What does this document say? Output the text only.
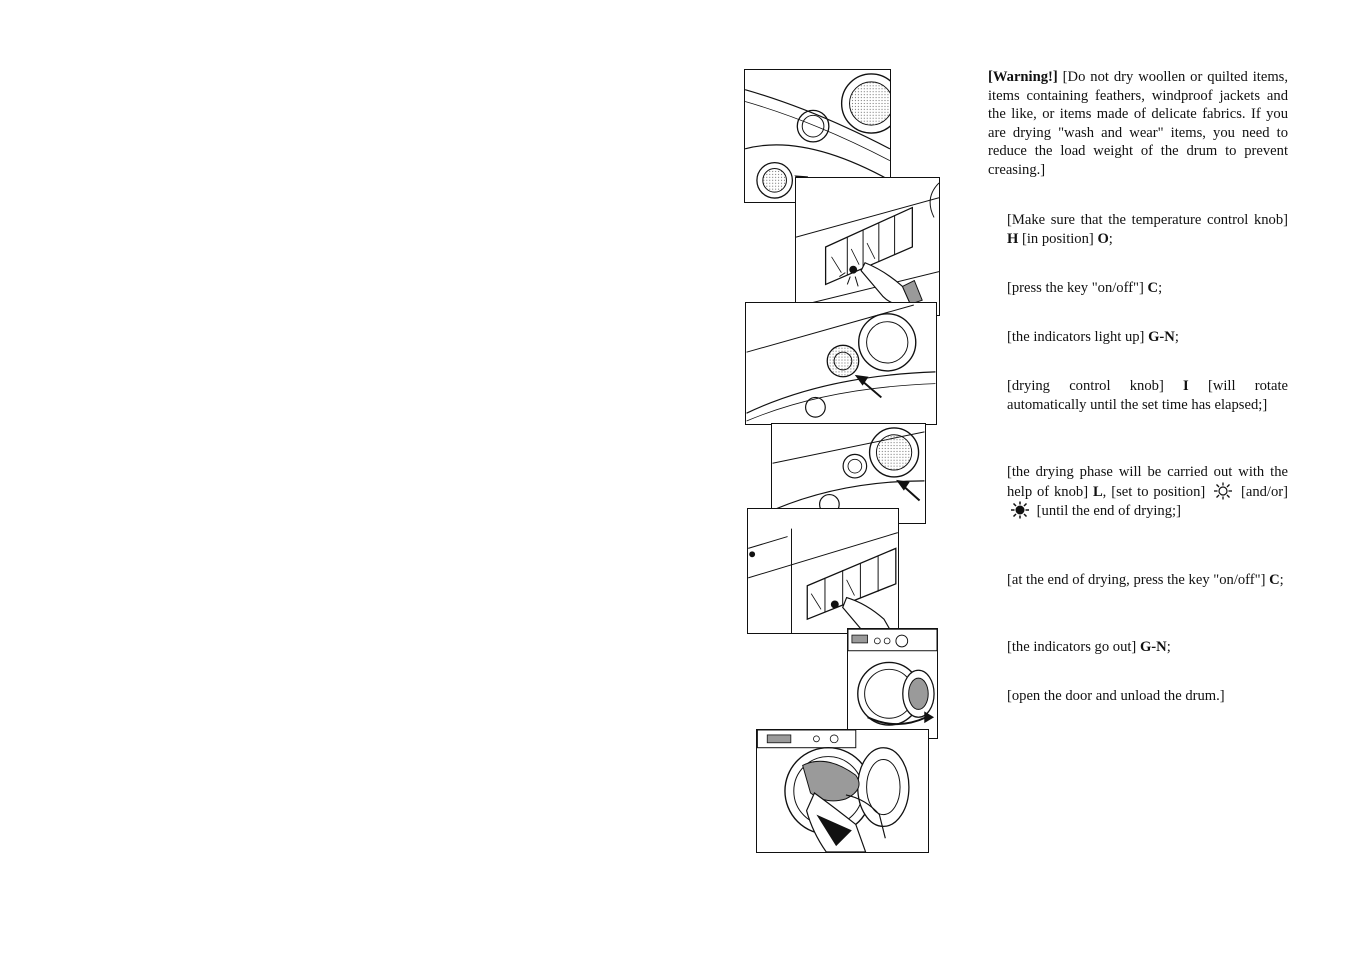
[Warning!] [Do not dry woollen or quilted items, items containing feathers, windproof jackets and the like, or items made of delicate fabrics. If you are drying "wash and wear" items, you need to reduce the load weight of the drum to prevent creasing.]

[Make sure that the temperature control knob] H [in position] O;

[press the key "on/off"] C;

[the indicators light up] G-N;

[drying control knob] I [will rotate automatically until the set time has elapsed;]

[the drying phase will be carried out with the help of knob] L, [set to position] [and/or]  [until the end of drying;]

[at the end of drying, press the key "on/off"] C;

[the indicators go out] G-N;

[open the door and unload the drum.]
